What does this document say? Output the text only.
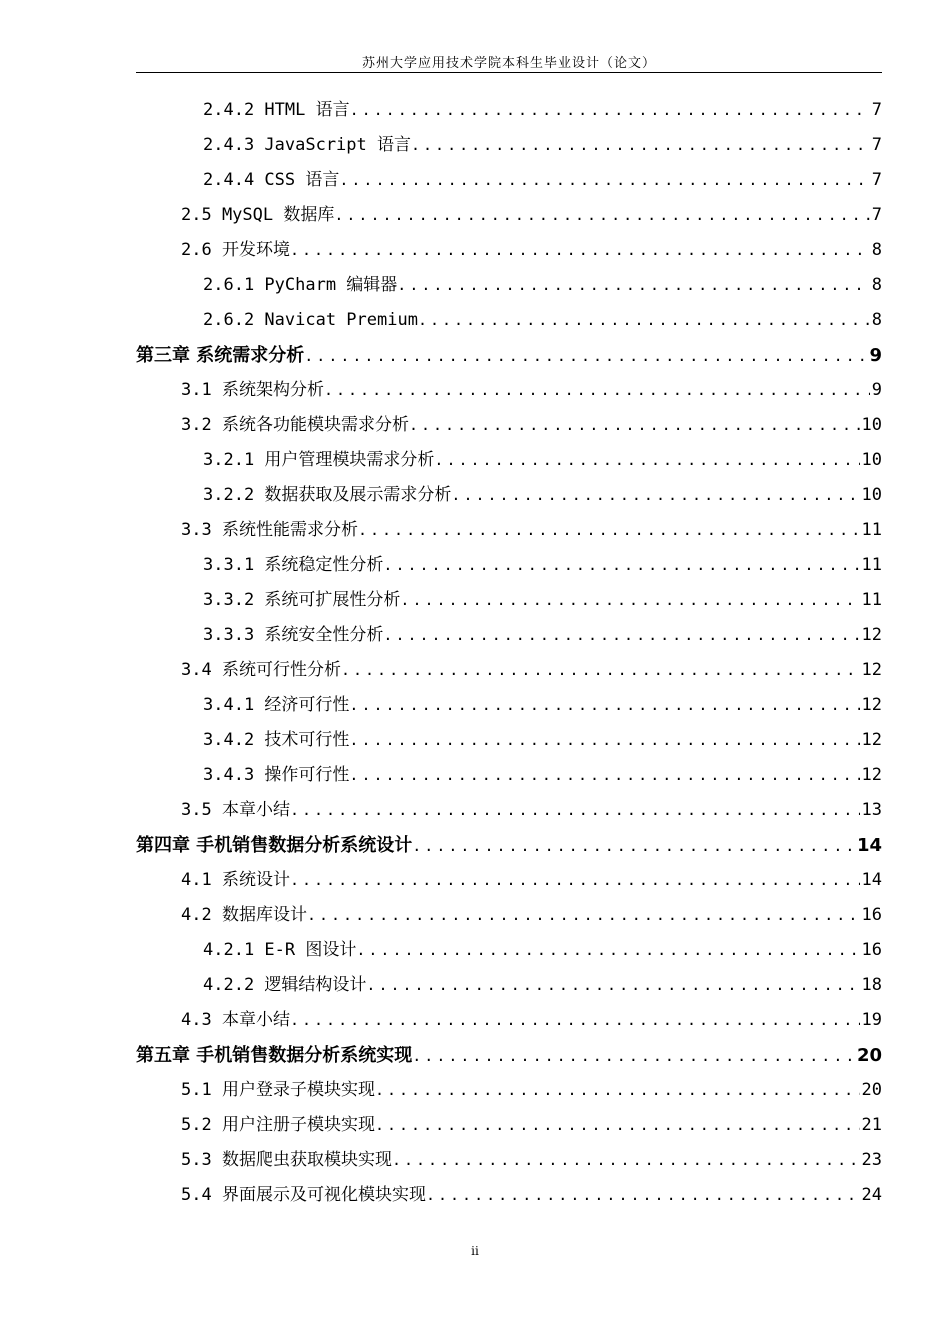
苏州大学应用技术学院本科生毕业设计（论文）
2.4.2 HTML 语言 .....	7
2.4.3 JavaScript 语言 .....	7
2.4.4 CSS 语言 .....	7
2.5 MySQL 数据库 .....	7
2.6 开发环境 .....	8
2.6.1 PyCharm 编辑器 .....	8
2.6.2 Navicat Premium .....	8
第三章 系统需求分析 .....	9
3.1 系统架构分析 .....	9
3.2 系统各功能模块需求分析 .....	10
3.2.1 用户管理模块需求分析 .....	10
3.2.2 数据获取及展示需求分析 .....	10
3.3 系统性能需求分析 .....	11
3.3.1 系统稳定性分析 .....	11
3.3.2 系统可扩展性分析 .....	11
3.3.3 系统安全性分析 .....	12
3.4 系统可行性分析 .....	12
3.4.1 经济可行性 .....	12
3.4.2 技术可行性 .....	12
3.4.3 操作可行性 .....	12
3.5 本章小结 .....	13
第四章 手机销售数据分析系统设计 .....	14
4.1 系统设计 .....	14
4.2 数据库设计 .....	16
4.2.1 E-R 图设计 .....	16
4.2.2 逻辑结构设计 .....	18
4.3 本章小结 .....	19
第五章 手机销售数据分析系统实现 .....	20
5.1 用户登录子模块实现 .....	20
5.2 用户注册子模块实现 .....	21
5.3 数据爬虫获取模块实现 .....	23
5.4 界面展示及可视化模块实现 .....	24
ii
